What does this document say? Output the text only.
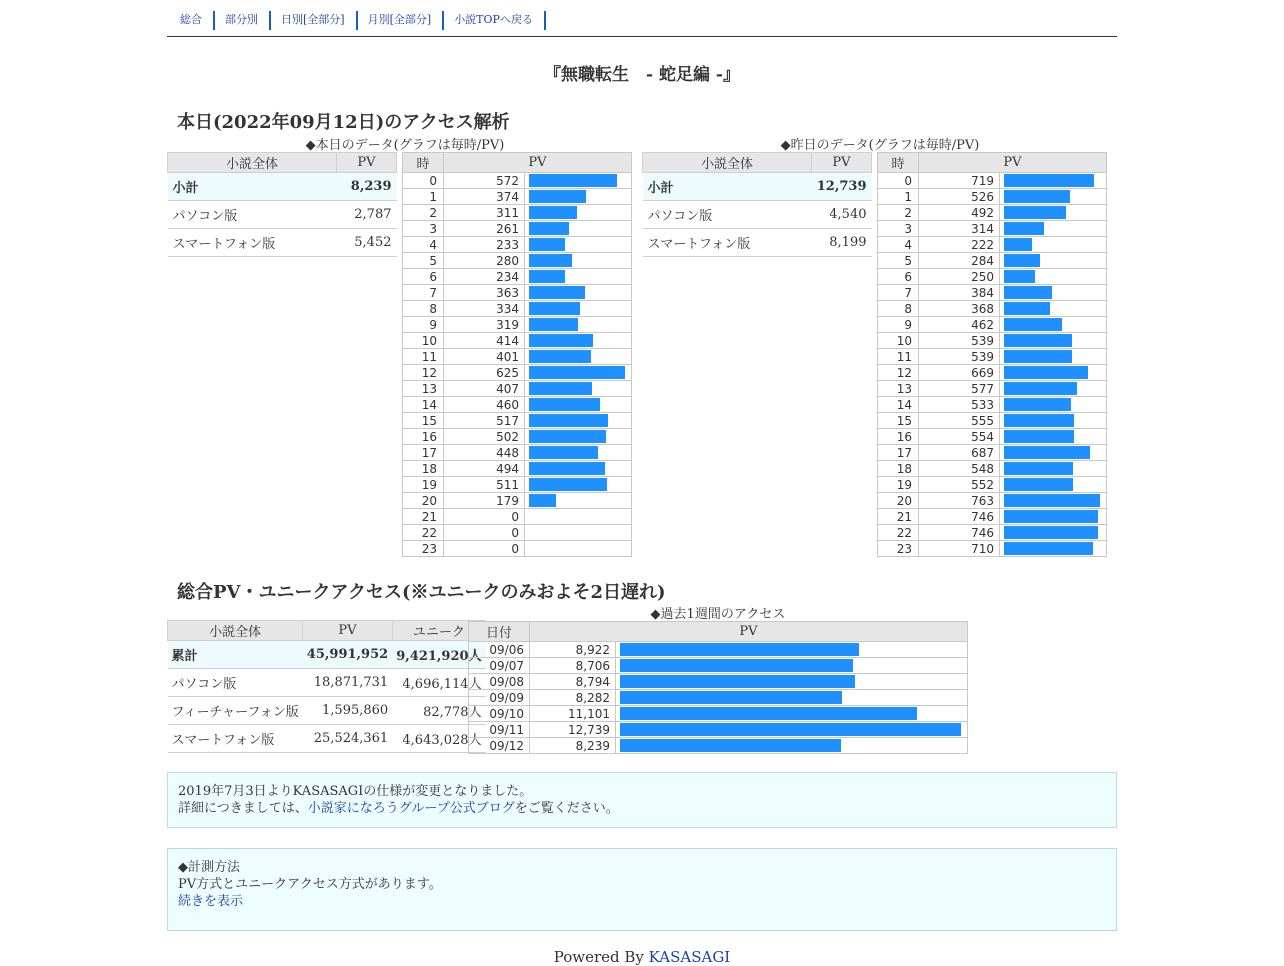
総合	部分別	日別[全部分]	月別[全部分]	小説TOPへ戻る
『無職転生　- 蛇足編 -』
本日(2022年09月12日)のアクセス解析
◆本日のデータ(グラフは毎時/PV)	◆昨日のデータ(グラフは毎時/PV)
小説全体	PV
小計	8,239
パソコン版	2,787
スマートフォン版	5,452
時	PV	
0	572	

1	374	

2	311	

3	261	

4	233	

5	280	

6	234	

7	363	

8	334	

9	319	

10	414	

11	401	

12	625	

13	407	

14	460	

15	517	

16	502	

17	448	

18	494	

19	511	

20	179	

21	0	
22	0	
23	0	
小説全体	PV
小計	12,739
パソコン版	4,540
スマートフォン版	8,199
時	PV	
0	719	

1	526	

2	492	

3	314	

4	222	

5	284	

6	250	

7	384	

8	368	

9	462	

10	539	

11	539	

12	669	

13	577	

14	533	

15	555	

16	554	

17	687	

18	548	

19	552	

20	763	

21	746	

22	746	

23	710	
総合PV・ユニークアクセス(※ユニークのみおよそ2日遅れ)
◆過去1週間のアクセス
小説全体	PV	ユニーク
累計	45,991,952	9,421,920人
パソコン版	18,871,731	4,696,114人
フィーチャーフォン版	1,595,860	82,778人
スマートフォン版	25,524,361	4,643,028人
日付	PV	
09/06	8,922	

09/07	8,706	

09/08	8,794	

09/09	8,282	

09/10	11,101	

09/11	12,739	

09/12	8,239	
2019年7月3日よりKASASAGIの仕様が変更となりました。
詳細につきましては、小説家になろうグループ公式ブログをご覧ください。
◆計測方法
PV方式とユニークアクセス方式があります。
続きを表示
Powered By KASASAGI
